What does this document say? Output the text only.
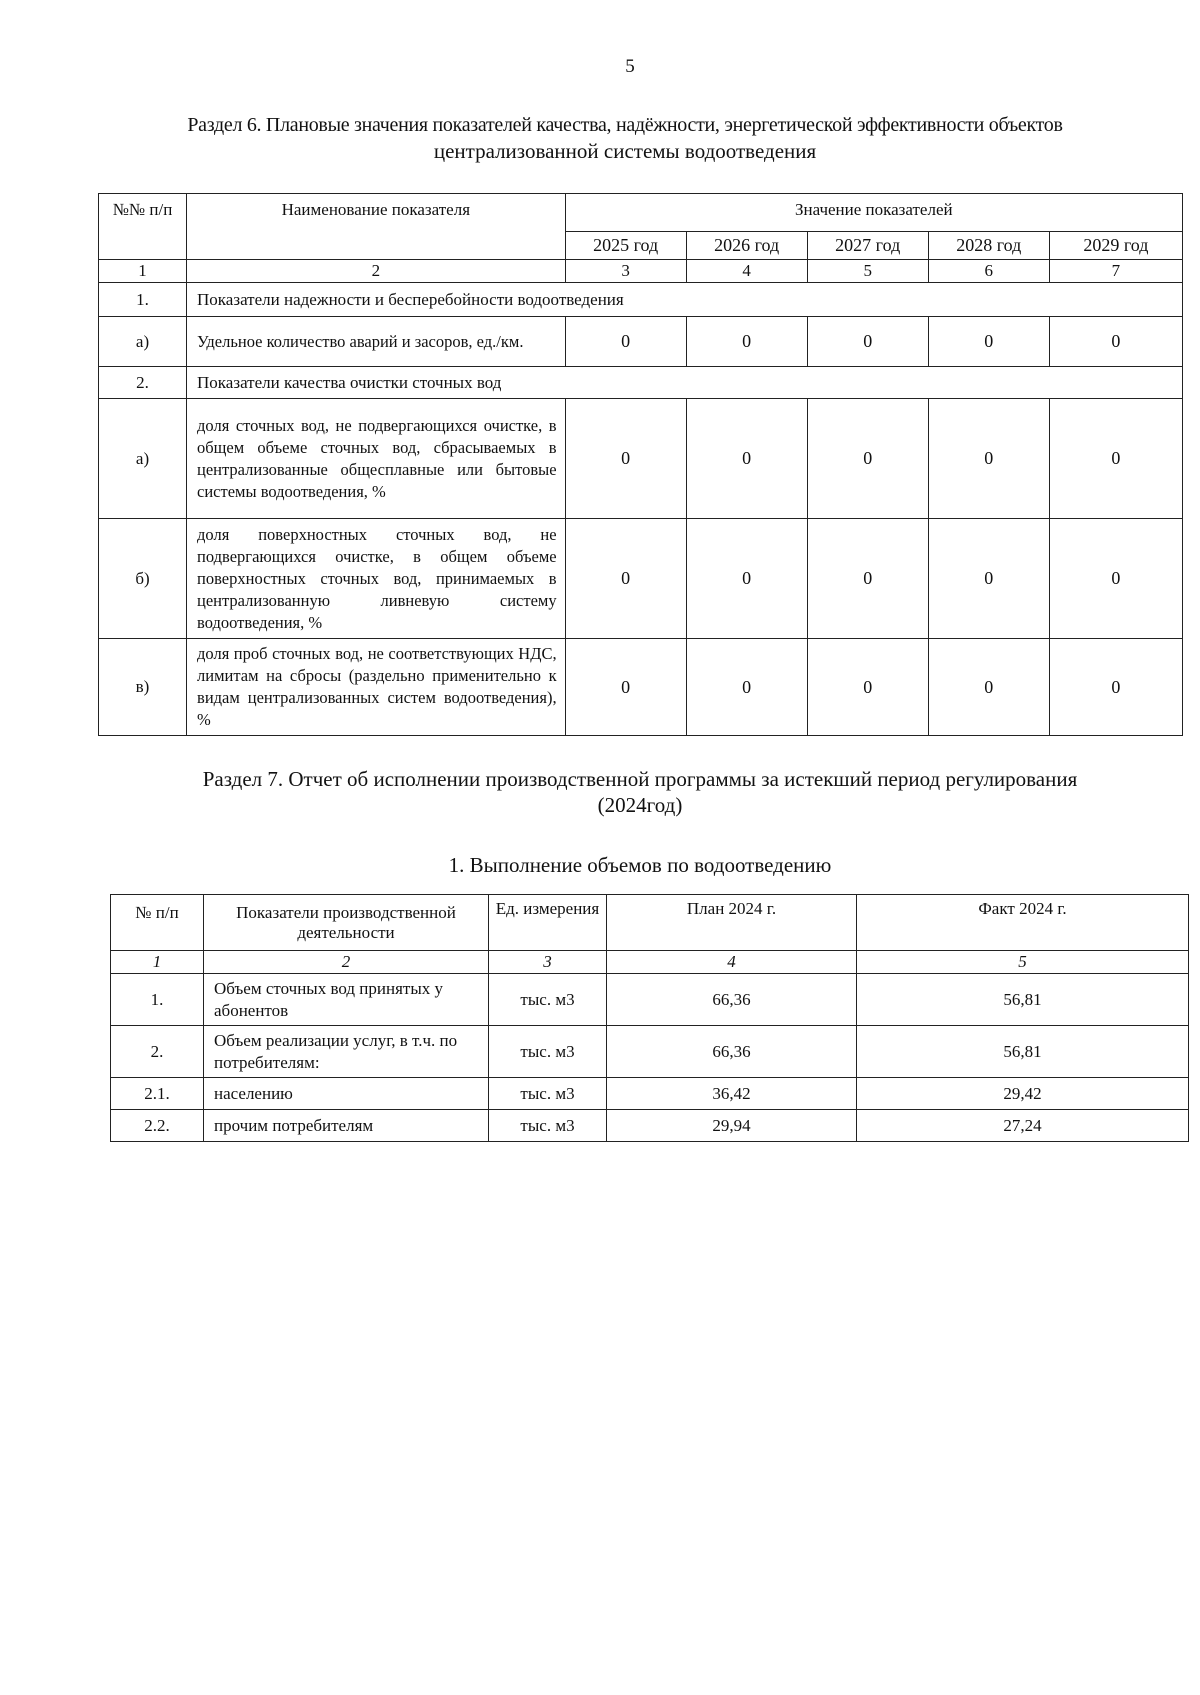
5
Раздел 6. Плановые значения показателей качества, надёжности, энергетической эффективности объектов
централизованной системы водоотведения
№№ п/п	Наименование показателя	Значение показателей				
		2025 год	2026 год	2027 год	2028 год	2029 год
1	2	3	4	5	6	7
1.	Показатели надежности и бесперебойности водоотведения					
а)	Удельное количество аварий и засоров, ед./км.	0	0	0	0	0
2.	Показатели качества очистки сточных вод					
а)	доля сточных вод, не подвергающихся очистке, в общем объеме сточных вод, сбрасываемых в централизованные общесплавные или бытовые системы водоотведения, %	0	0	0	0	0
б)	доля поверхностных сточных вод, не подвергающихся очистке, в общем объеме поверхностных сточных вод, принимаемых в централизованную ливневую систему водоотведения, %	0	0	0	0	0
в)	доля проб сточных вод, не соответствующих НДС, лимитам на сбросы (раздельно применительно к видам централизованных систем водоотведения), %	0	0	0	0	0
Раздел 7. Отчет об исполнении производственной программы за истекший период регулирования
(2024год)
1. Выполнение объемов по водоотведению
№ п/п	Показатели производственной деятельности	Ед. измерения	План 2024 г.	Факт 2024 г.
1	2	3	4	5
1.	Объем сточных вод принятых у абонентов	тыс. м3	66,36	56,81
2.	Объем реализации услуг, в т.ч. по потребителям:	тыс. м3	66,36	56,81
2.1.	населению	тыс. м3	36,42	29,42
2.2.	прочим потребителям	тыс. м3	29,94	27,24
